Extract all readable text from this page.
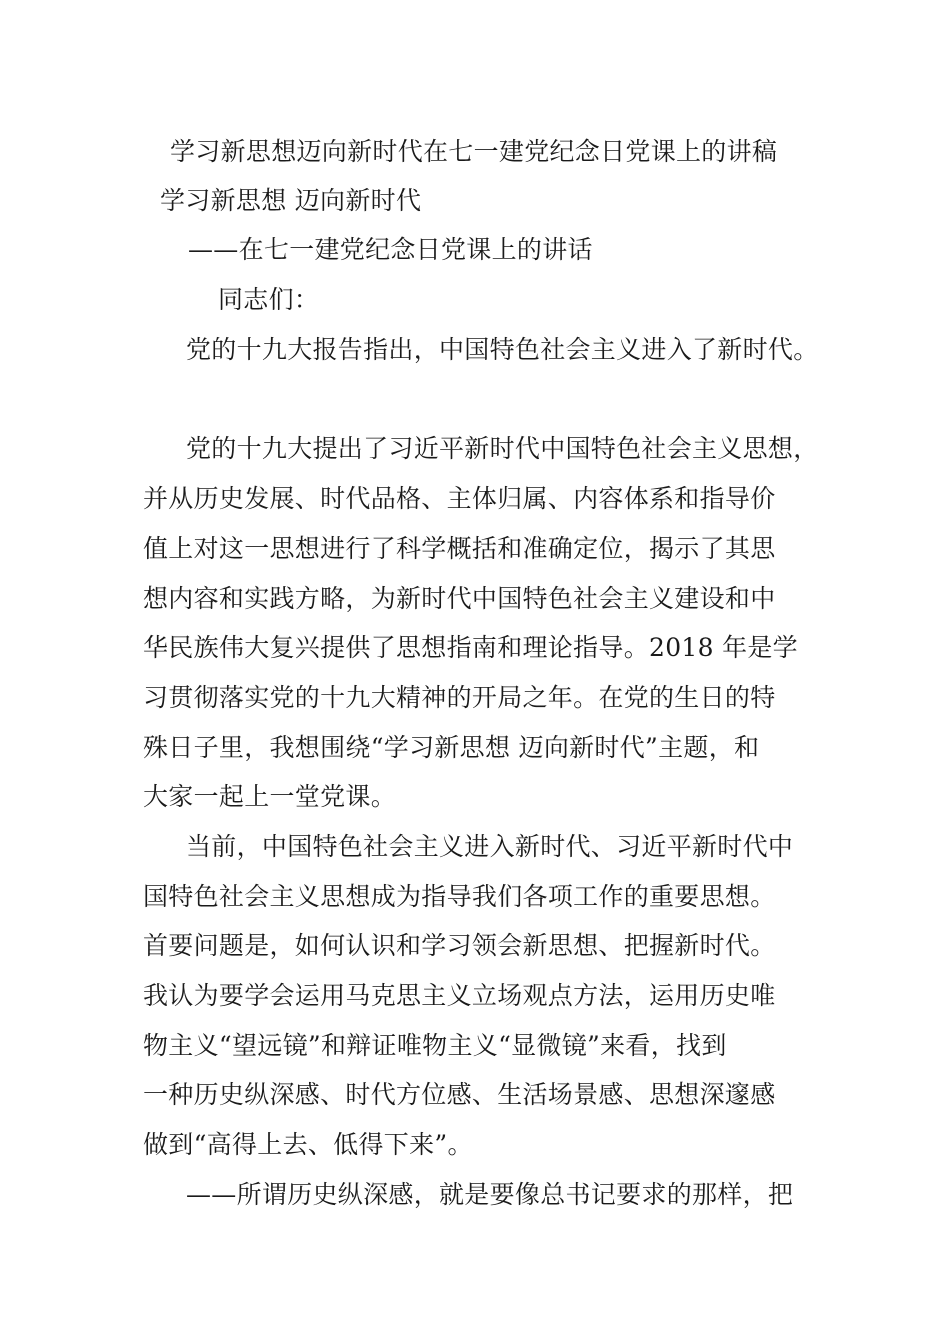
学习新思想迈向新时代在七一建党纪念日党课上的讲稿
学习新思想 迈向新时代
——在七一建党纪念日党课上的讲话
同志们：
党的十九大报告指出，中国特色社会主义进入了新时代。
党的十九大提出了习近平新时代中国特色社会主义思想，
并从历史发展、时代品格、主体归属、内容体系和指导价
值上对这一思想进行了科学概括和准确定位，揭示了其思
想内容和实践方略，为新时代中国特色社会主义建设和中
华民族伟大复兴提供了思想指南和理论指导。2018 年是学
习贯彻落实党的十九大精神的开局之年。在党的生日的特
殊日子里，我想围绕“学习新思想 迈向新时代”主题，和
大家一起上一堂党课。
当前，中国特色社会主义进入新时代、习近平新时代中
国特色社会主义思想成为指导我们各项工作的重要思想。
首要问题是，如何认识和学习领会新思想、把握新时代。
我认为要学会运用马克思主义立场观点方法，运用历史唯
物主义“望远镜”和辩证唯物主义“显微镜”来看，找到
一种历史纵深感、时代方位感、生活场景感、思想深邃感
做到“高得上去、低得下来”。
——所谓历史纵深感，就是要像总书记要求的那样，把
